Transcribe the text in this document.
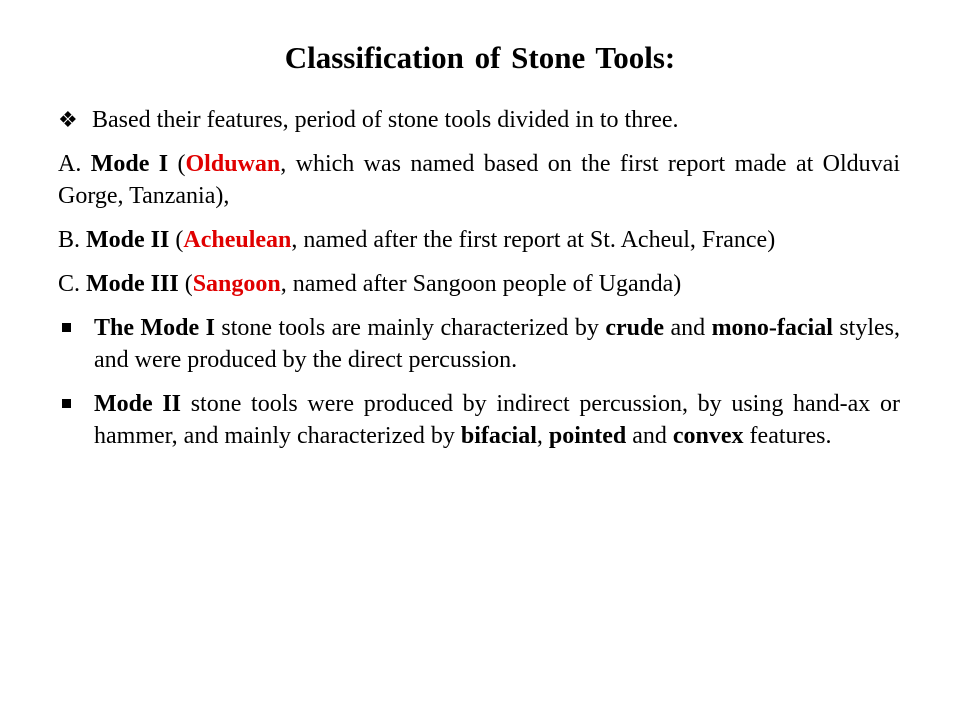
Classification of Stone Tools:
❖ Based their features, period of stone tools divided in to three.

A. Mode I (Olduwan, which was named based on the first report made at Olduvai Gorge, Tanzania),

B. Mode II (Acheulean, named after the first report at St. Acheul, France)

C. Mode III (Sangoon, named after Sangoon people of Uganda)

The Mode I stone tools are mainly characterized by crude and mono-facial styles, and were produced by the direct percussion.
Mode II stone tools were produced by indirect percussion, by using hand-ax or hammer, and mainly characterized by bifacial, pointed and convex features.
